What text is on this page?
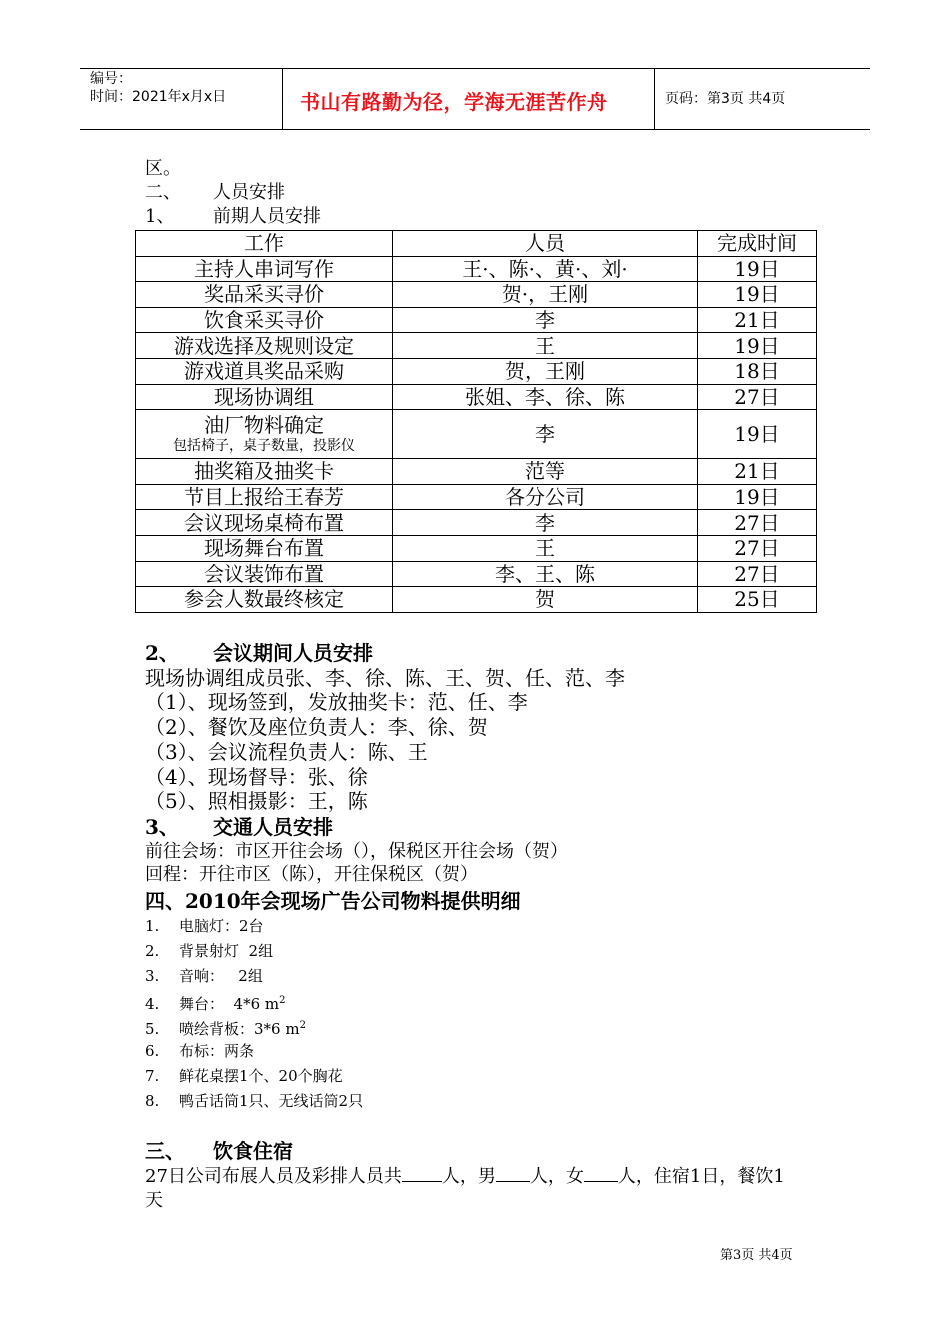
编号：
时间：2021年x月x日	书山有路勤为径，学海无涯苦作舟	页码：第3页 共4页
区。
二、 人员安排
1、 前期人员安排
工作	人员	完成时间
主持人串词写作	王·、陈·、黄·、刘·	19日
奖品采买寻价	贺·，王刚	19日
饮食采买寻价	李	21日
游戏选择及规则设定	王	19日
游戏道具奖品采购	贺，王刚	18日
现场协调组	张姐、李、徐、陈	27日

油厂物料确定
包括椅子，桌子数量，投影仪	李	19日
抽奖箱及抽奖卡	范等	21日
节目上报给王春芳	各分公司	19日
会议现场桌椅布置	李	27日
现场舞台布置	王	27日
会议装饰布置	李、王、陈	27日
参会人数最终核定	贺	25日
2、 会议期间人员安排
现场协调组成员张、李、徐、陈、王、贺、任、范、李
（1）、现场签到，发放抽奖卡：范、任、李
（2）、餐饮及座位负责人：李、徐、贺
（3）、会议流程负责人：陈、王
（4）、现场督导：张、徐
（5）、照相摄影：王，陈
3、 交通人员安排
前往会场：市区开往会场（），保税区开往会场（贺）
回程：开往市区（陈），开往保税区（贺）
四、2010年会现场广告公司物料提供明细
1. 电脑灯：2台
2. 背景射灯  2组
3. 音响：   2组
4. 舞台：  4*6 $m^2$
5. 喷绘背板：3*6 $m^2$
6. 布标：两条
7. 鲜花桌摆1个、20个胸花
8. 鸭舌话筒1只、无线话筒2只
三、 饮食住宿
27日公司布展人员及彩排人员共 人，男 人，女 人，住宿1日，餐饮1
天
第3页 共4页
